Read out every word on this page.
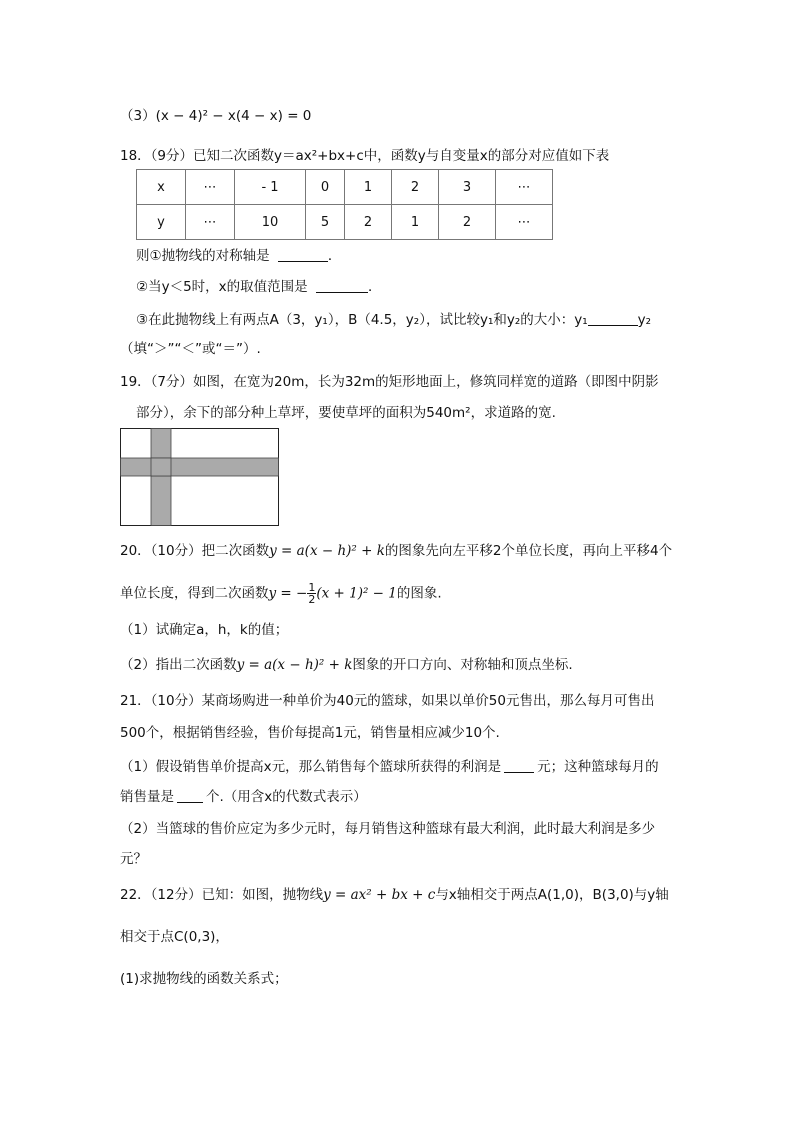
（3）(x − 4)² − x(4 − x) = 0
18．（9分）已知二次函数y＝ax²+bx+c中，函数y与自变量x的部分对应值如下表
x	⋯	- 1	0	1	2	3	⋯
y	⋯	10	5	2	1	2	⋯
则①抛物线的对称轴是	．
②当y＜5时，x的取值范围是	．
③在此抛物线上有两点A（3，y₁），B（4.5，y₂），试比较y₁和y₂的大小：y₁	y₂
（填“＞”“＜”或“＝”）.
19．（7分）如图，在宽为20m，长为32m的矩形地面上，修筑同样宽的道路（即图中阴影
部分），余下的部分种上草坪，要使草坪的面积为540m²，求道路的宽.
20．（10分）把二次函数y = a(x − h)² + k的图象先向左平移2个单位长度，再向上平移4个
单位长度，得到二次函数y = − $\frac{1}{2} (x + 1)^2 - 1$的图象.
（1）试确定a，h，k的值；
（2）指出二次函数y = a(x − h)² + k图象的开口方向、对称轴和顶点坐标.
21．（10分）某商场购进一种单价为40元的篮球，如果以单价50元售出，那么每月可售出
500个，根据销售经验，售价每提高1元，销售量相应减少10个.
（1）假设销售单价提高x元，那么销售每个篮球所获得的利润是	元；这种篮球每月的
销售量是 个.（用含x的代数式表示）
（2）当篮球的售价应定为多少元时，每月销售这种篮球有最大利润，此时最大利润是多少
元？
22．（12分）已知：如图，抛物线y = ax² + bx + c与x轴相交于两点A(1,0)，B(3,0)与y轴
相交于点C(0,3)，
(1)求抛物线的函数关系式；
